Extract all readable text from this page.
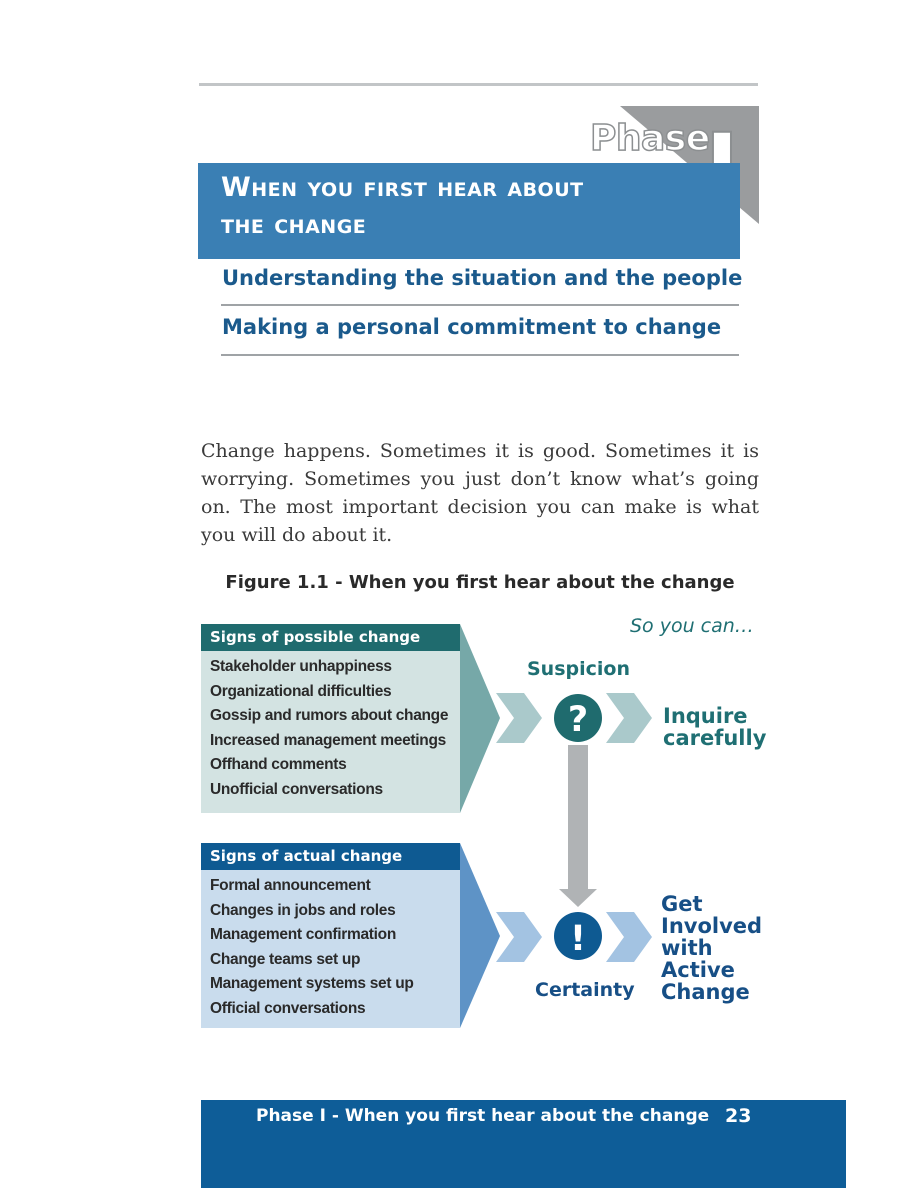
When you first hear about
the change
Phase
Understanding the situation and the people
Making a personal commitment to change
Change happens. Sometimes it is good. Sometimes it is worrying. Sometimes you just don’t know what’s going on. The most important decision you can make is what you will do about it.
Figure 1.1 - When you first hear about the change
Signs of possible change
Stakeholder unhappiness
Organizational difficulties
Gossip and rumors about change
Increased management meetings
Offhand comments
Unofficial conversations
Signs of actual change
Formal announcement
Changes in jobs and roles
Management confirmation
Change teams set up
Management systems set up
Official conversations
?
!
So you can…
Suspicion
Inquire
carefully
Certainty
Get
Involved
with
Active
Change
Phase I - When you first hear about the change 23
